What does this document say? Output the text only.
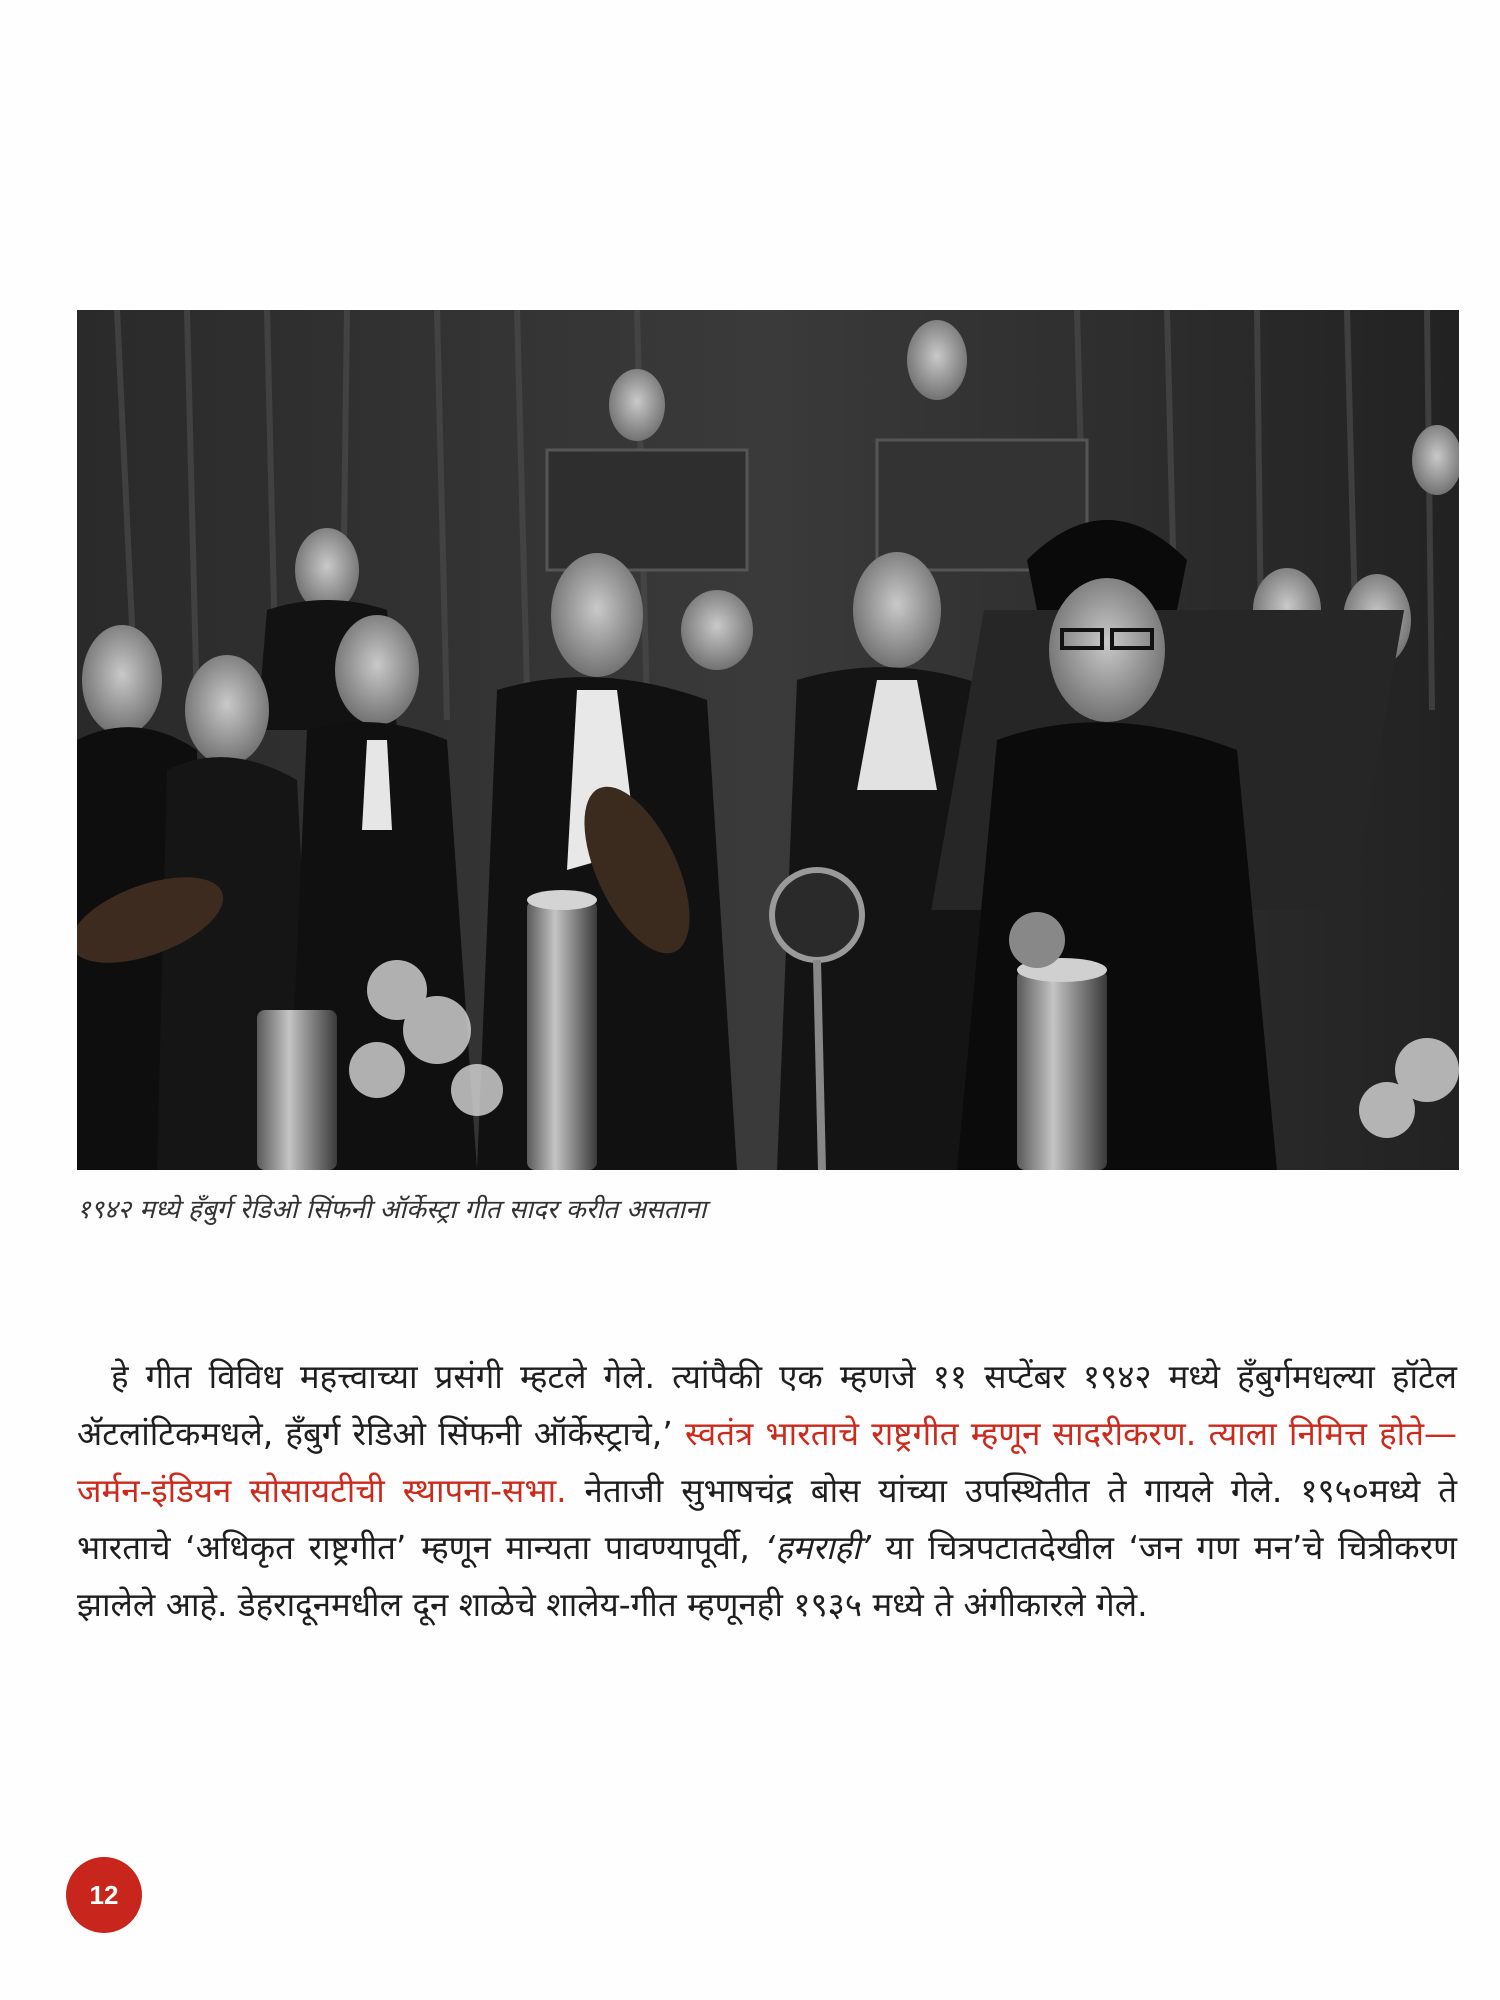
१९४२ मध्ये हॅंबुर्ग रेडिओ सिंफनी ऑर्केस्ट्रा गीत सादर करीत असताना

हे गीत विविध महत्त्वाच्या प्रसंगी म्हटले गेले. त्यांपैकी एक म्हणजे ११ सप्टेंबर १९४२ मध्ये हॅंबुर्गमधल्या हॉटेल ॲटलांटिकमधले, हॅंबुर्ग रेडिओ सिंफनी ऑर्केस्ट्राचे,’ स्वतंत्र भारताचे राष्ट्रगीत म्हणून सादरीकरण. त्याला निमित्त होते— जर्मन-इंडियन सोसायटीची स्थापना-सभा. नेताजी सुभाषचंद्र बोस यांच्या उपस्थितीत ते गायले गेले. १९५०मध्ये ते भारताचे ‘अधिकृत राष्ट्रगीत’ म्हणून मान्यता पावण्यापूर्वी, ‘हमराही’ या चित्रपटातदेखील ‘जन गण मन’चे चित्रीकरण झालेले आहे. डेहरादूनमधील दून शाळेचे शालेय-गीत म्हणूनही १९३५ मध्ये ते अंगीकारले गेले.

12
